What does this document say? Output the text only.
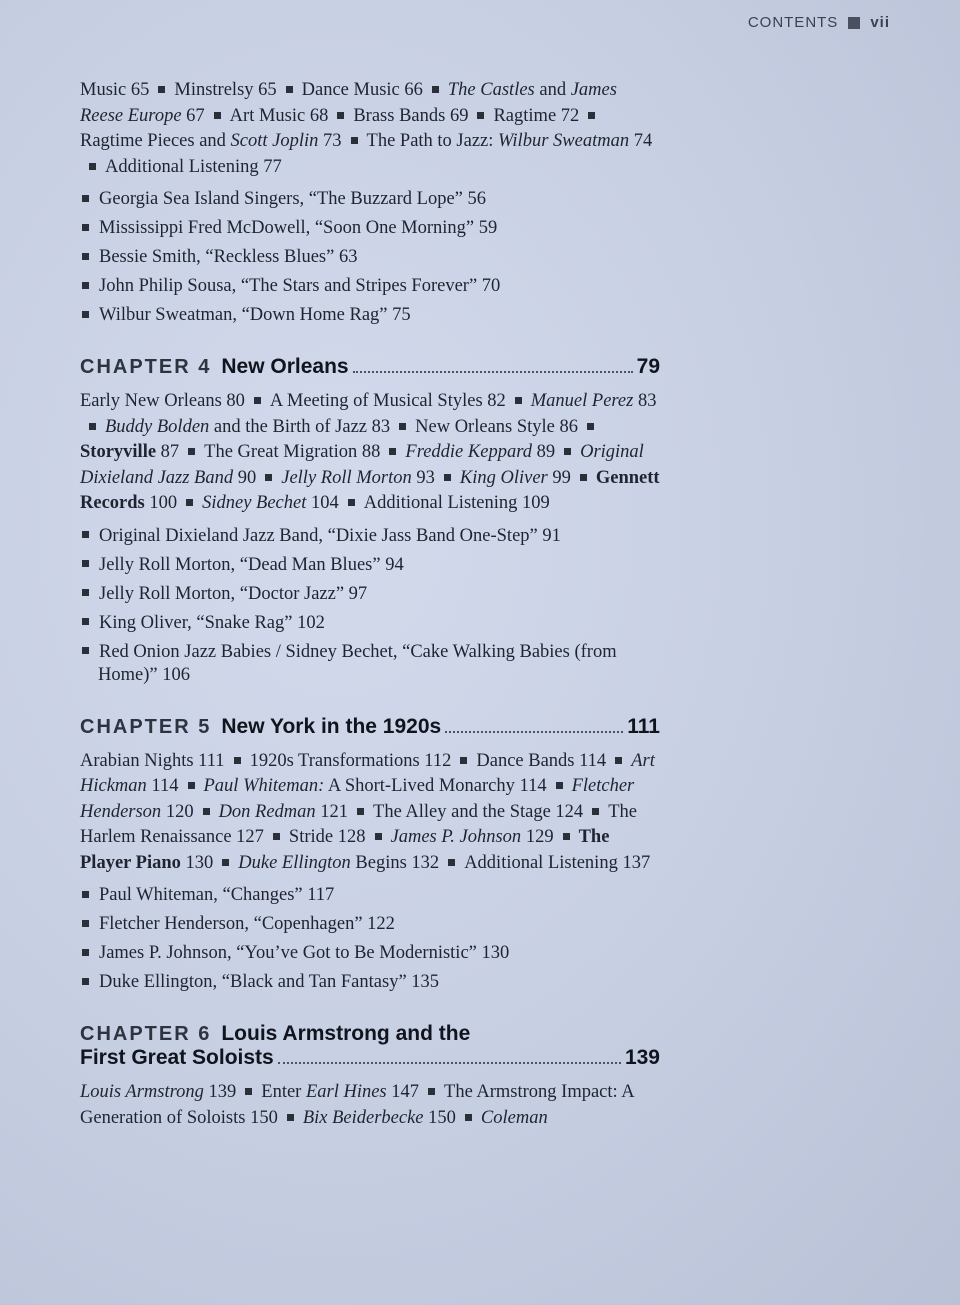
CONTENTS vii

Music 65 Minstrelsy 65 Dance Music 66 The Castles and James Reese Europe 67 Art Music 68 Brass Bands 69 Ragtime 72Ragtime Pieces and Scott Joplin 73 The Path to Jazz: Wilbur Sweatman 74Additional Listening 77

Georgia Sea Island Singers, “The Buzzard Lope” 56
Mississippi Fred McDowell, “Soon One Morning” 59
Bessie Smith, “Reckless Blues” 63
John Philip Sousa, “The Stars and Stripes Forever” 70
Wilbur Sweatman, “Down Home Rag” 75
CHAPTER 4 New Orleans	79

Early New Orleans 80 A Meeting of Musical Styles 82 Manuel Perez 83Buddy Bolden and the Birth of Jazz 83 New Orleans Style 86Storyville 87 The Great Migration 88 Freddie Keppard 89 Original Dixieland Jazz Band 90 Jelly Roll Morton 93 King Oliver 99 Gennett Records 100 Sidney Bechet 104 Additional Listening 109

Original Dixieland Jazz Band, “Dixie Jass Band One-Step” 91
Jelly Roll Morton, “Dead Man Blues” 94
Jelly Roll Morton, “Doctor Jazz” 97
King Oliver, “Snake Rag” 102
Red Onion Jazz Babies / Sidney Bechet, “Cake Walking Babies (from Home)” 106
CHAPTER 5 New York in the 1920s	111

Arabian Nights 111 1920s Transformations 112 Dance Bands 114 Art Hickman 114 Paul Whiteman: A Short-Lived Monarchy 114 Fletcher Henderson 120 Don Redman 121 The Alley and the Stage 124 The Harlem Renaissance 127 Stride 128 James P. Johnson 129 The Player Piano 130 Duke Ellington Begins 132 Additional Listening 137

Paul Whiteman, “Changes” 117
Fletcher Henderson, “Copenhagen” 122
James P. Johnson, “You’ve Got to Be Modernistic” 130
Duke Ellington, “Black and Tan Fantasy” 135
CHAPTER 6 Louis Armstrong and the
First Great Soloists	139

Louis Armstrong 139 Enter Earl Hines 147 The Armstrong Impact: A Generation of Soloists 150 Bix Beiderbecke 150 Coleman
